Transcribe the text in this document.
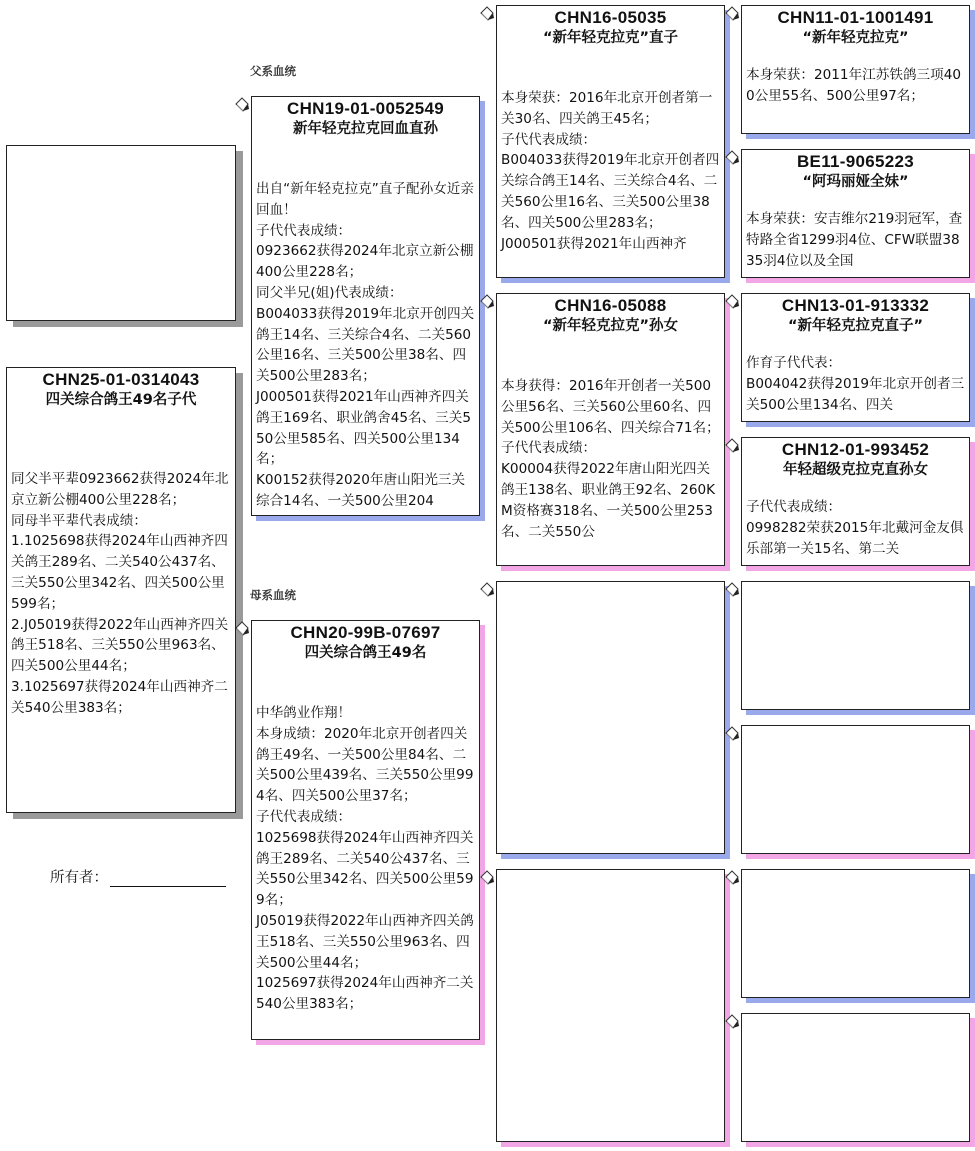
父系血统
母系血统
CHN25-01-0314043
四关综合鸽王49名子代
同父半平辈0923662获得2024年北京立新公棚400公里228名；
同母半平辈代表成绩：
1.1025698获得2024年山西神齐四关鸽王289名、二关540公437名、三关550公里342名、四关500公里599名；
2.J05019获得2022年山西神齐四关鸽王518名、三关550公里963名、四关500公里44名；
3.1025697获得2024年山西神齐二关540公里383名；
所有者：
CHN19-01-0052549
新年轻克拉克回血直孙
出自“新年轻克拉克”直子配孙女近亲回血！
子代代表成绩：
0923662获得2024年北京立新公棚400公里228名；
同父半兄(姐)代表成绩：
B004033获得2019年北京开创四关鸽王14名、三关综合4名、二关560公里16名、三关500公里38名、四关500公里283名；
J000501获得2021年山西神齐四关鸽王169名、职业鸽舍45名、三关550公里585名、四关500公里134名；
K00152获得2020年唐山阳光三关综合14名、一关500公里204
CHN20-99B-07697
四关综合鸽王49名
中华鸽业作翔！
本身成绩：2020年北京开创者四关鸽王49名、一关500公里84名、二关500公里439名、三关550公里994名、四关500公里37名；
子代代表成绩：
1025698获得2024年山西神齐四关鸽王289名、二关540公437名、三关550公里342名、四关500公里599名；
J05019获得2022年山西神齐四关鸽王518名、三关550公里963名、四关500公里44名；
1025697获得2024年山西神齐二关540公里383名；
CHN16-05035
“新年轻克拉克”直子
本身荣获：2016年北京开创者第一关30名、四关鸽王45名；
子代代表成绩：
B004033获得2019年北京开创者四关综合鸽王14名、三关综合4名、二关560公里16名、三关500公里38名、四关500公里283名；
J000501获得2021年山西神齐
CHN16-05088
“新年轻克拉克”孙女
本身获得：2016年开创者一关500公里56名、三关560公里60名、四关500公里106名、四关综合71名；
子代代表成绩：
K00004获得2022年唐山阳光四关鸽王138名、职业鸽王92名、260KM资格赛318名、一关500公里253名、二关550公
CHN11-01-1001491
“新年轻克拉克”
本身荣获：2011年江苏铁鸽三项400公里55名、500公里97名；
BE11-9065223
“阿玛丽娅全妹”
本身荣获：安吉维尔219羽冠军，查特路全省1299羽4位、CFW联盟3835羽4位以及全国
CHN13-01-913332
“新年轻克拉克直子”
作育子代代表：
B004042获得2019年北京开创者三关500公里134名、四关
CHN12-01-993452
年轻超级克拉克直孙女
子代代表成绩：
0998282荣获2015年北戴河金友俱乐部第一关15名、第二关
